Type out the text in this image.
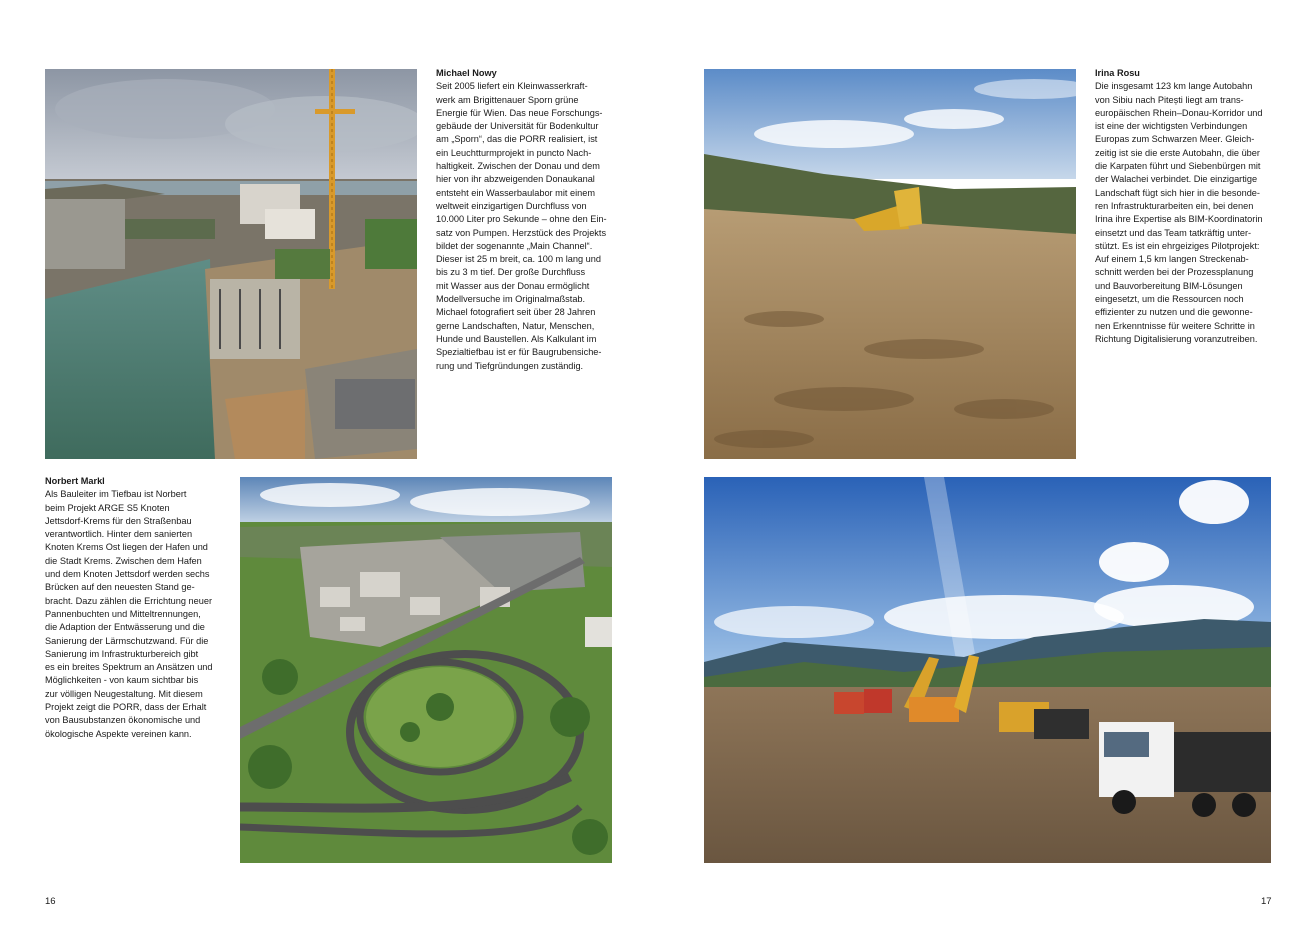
Michael Nowy
Seit 2005 liefert ein Kleinwasserkraft-
werk am Brigittenauer Sporn grüne
Energie für Wien. Das neue Forschungs-
gebäude der Universität für Bodenkultur
am „Sporn“, das die PORR realisiert, ist
ein Leuchtturmprojekt in puncto Nach-
haltigkeit. Zwischen der Donau und dem
hier von ihr abzweigenden Donaukanal
entsteht ein Wasserbaulabor mit einem
weltweit einzigartigen Durchfluss von
10.000 Liter pro Sekunde – ohne den Ein-
satz von Pumpen. Herzstück des Projekts
bildet der sogenannte „Main Channel“.
Dieser ist 25 m breit, ca. 100 m lang und
bis zu 3 m tief. Der große Durchfluss
mit Wasser aus der Donau ermöglicht
Modellversuche im Originalmaßstab.
Michael fotografiert seit über 28 Jahren
gerne Landschaften, Natur, Menschen,
Hunde und Baustellen. Als Kalkulant im
Spezialtiefbau ist er für Baugrubensiche-
rung und Tiefgründungen zuständig.
Irina Rosu
Die insgesamt 123 km lange Autobahn
von Sibiu nach Pitești liegt am trans-
europäischen Rhein–Donau-Korridor und
ist eine der wichtigsten Verbindungen
Europas zum Schwarzen Meer. Gleich-
zeitig ist sie die erste Autobahn, die über
die Karpaten führt und Siebenbürgen mit
der Walachei verbindet. Die einzigartige
Landschaft fügt sich hier in die besonde-
ren Infrastrukturarbeiten ein, bei denen
Irina ihre Expertise als BIM-Koordinatorin
einsetzt und das Team tatkräftig unter-
stützt. Es ist ein ehrgeiziges Pilotprojekt:
Auf einem 1,5 km langen Streckenab-
schnitt werden bei der Prozessplanung
und Bauvorbereitung BIM-Lösungen
eingesetzt, um die Ressourcen noch
effizienter zu nutzen und die gewonne-
nen Erkenntnisse für weitere Schritte in
Richtung Digitalisierung voranzutreiben.
Norbert Markl
Als Bauleiter im Tiefbau ist Norbert
beim Projekt ARGE S5 Knoten
Jettsdorf-Krems für den Straßenbau
verantwortlich. Hinter dem sanierten
Knoten Krems Ost liegen der Hafen und
die Stadt Krems. Zwischen dem Hafen
und dem Knoten Jettsdorf werden sechs
Brücken auf den neuesten Stand ge-
bracht. Dazu zählen die Errichtung neuer
Pannenbuchten und Mitteltrennungen,
die Adaption der Entwässerung und die
Sanierung der Lärmschutzwand. Für die
Sanierung im Infrastrukturbereich gibt
es ein breites Spektrum an Ansätzen und
Möglichkeiten - von kaum sichtbar bis
zur völligen Neugestaltung. Mit diesem
Projekt zeigt die PORR, dass der Erhalt
von Bausubstanzen ökonomische und
ökologische Aspekte vereinen kann.
16	17
